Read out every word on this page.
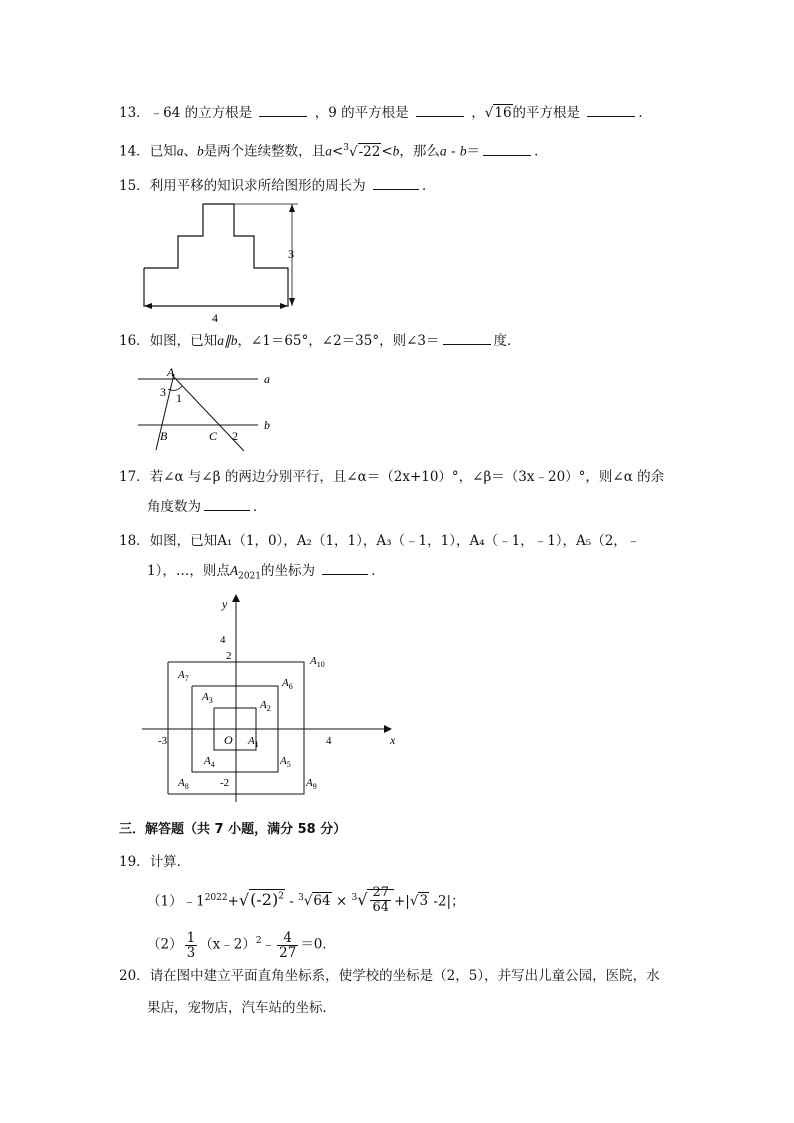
13．﹣64 的立方根是	，9 的平方根是	，√16的平方根是	．
14．已知a、b是两个连续整数，且a<$^3$√-22<b，那么a - b＝	．
15．利用平移的知识求所给图形的周长为	．
3
4
16．如图，已知a∥b，∠1＝65°，∠2＝35°，则∠3＝	度．
A
3 1
a
b
B	C 2
17．若∠α 与∠β 的两边分别平行，且∠α＝（2x+10）°，∠β＝（3x﹣20）°，则∠α 的余
角度数为	．
18．如图，已知A₁（1，0），A₂（1，1），A₃（﹣1，1），A₄（﹣1，﹣1），A₅（2，﹣
1），…，则点$A_{2021}$的坐标为	．
4
2
-3	4
-2
O	x
y
$A_1$
$A_2$
$A_3$
$A_4$	$A_5$
$A_6$
$A_7$
$A_8$	$A_9$
$A_{10}$
三．解答题（共 7 小题，满分 58 分）
19．计算．
$(1)﹣1^{2022}+√(-2)^2 - ^3√64 \times ^3√ \frac{27}{64} +|√3$ -2|；
$(2) \frac{1}{3}$ （x﹣2）$^2$﹣ $\frac{4}{27} =0$．
20．请在图中建立平面直角坐标系，使学校的坐标是（2，5），并写出儿童公园，医院，水
果店，宠物店，汽车站的坐标．
